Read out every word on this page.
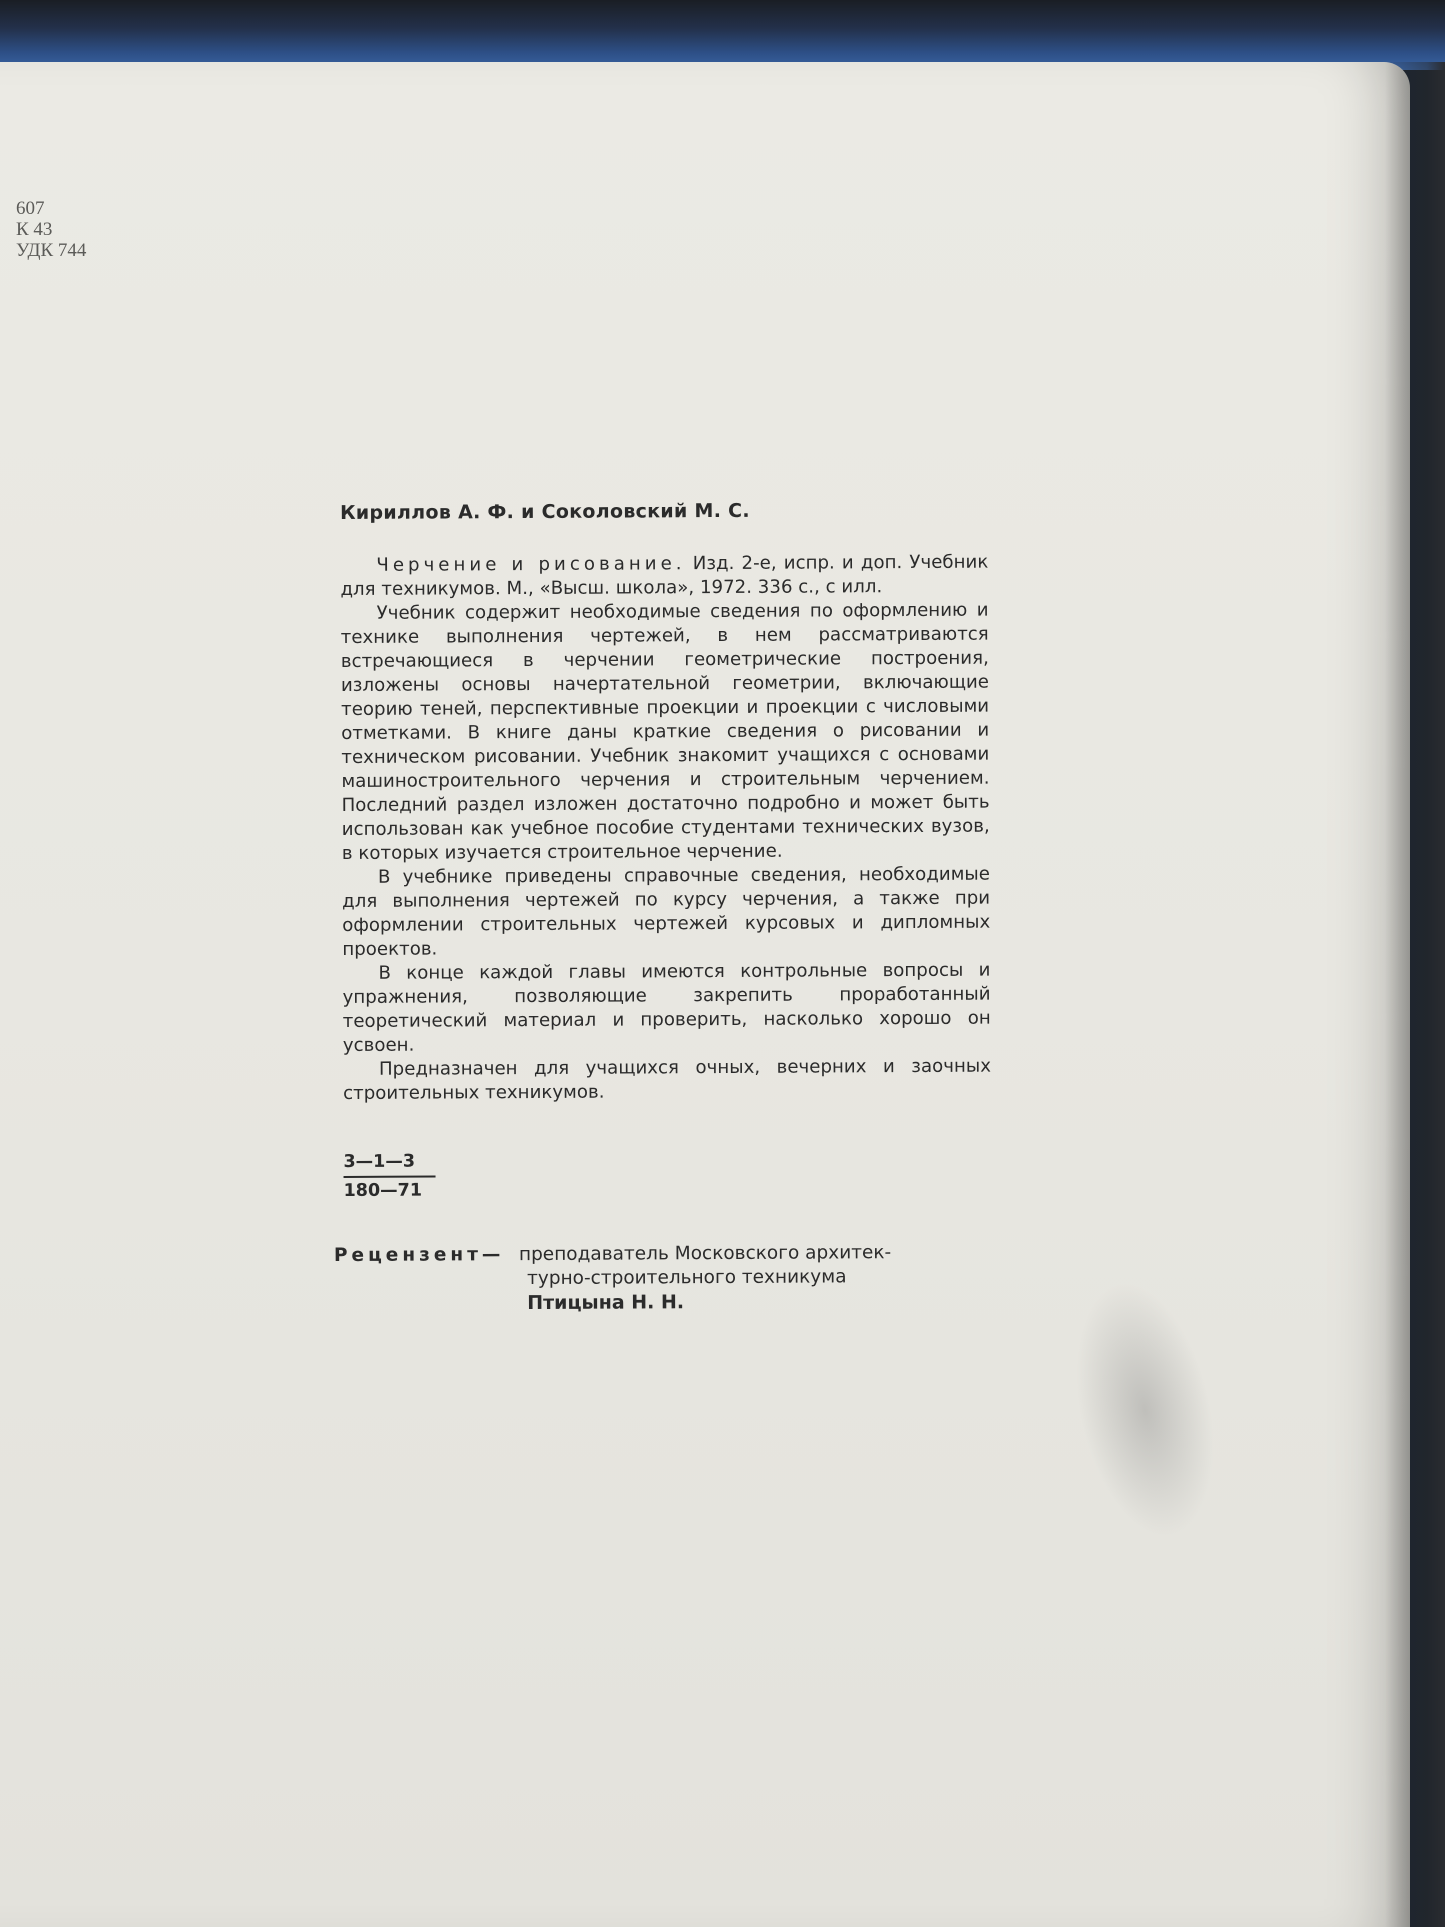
607
К 43
УДК 744
Кириллов А. Ф. и Соколовский М. С.

Черчение и рисование. Изд. 2-е, испр. и доп. Учебник для техникумов. М., «Высш. школа», 1972. 336 с., с илл.

Учебник содержит необходимые сведения по оформлению и технике выполнения чертежей, в нем рассматриваются встречающиеся в черчении геометрические построения, изложены основы начертательной геометрии, включающие теорию теней, перспективные проекции и проекции с числовыми отметками. В книге даны краткие сведения о рисовании и техническом рисовании. Учебник знакомит учащихся с основами машиностроительного черчения и строительным черчением. Последний раздел изложен достаточно подробно и может быть использован как учебное пособие студентами технических вузов, в которых изучается строительное черчение.

В учебнике приведены справочные сведения, необходимые для выполнения чертежей по курсу черчения, а также при оформлении строительных чертежей курсовых и дипломных проектов.

В конце каждой главы имеются контрольные вопросы и упражнения, позволяющие закрепить проработанный теоретический материал и проверить, насколько хорошо он усвоен.

Предназначен для учащихся очных, вечерних и заочных строительных техникумов.

3—1—3
180—71
Рецензент— преподаватель Московского архитек-
турно-строительного техникума
Птицына Н. Н.
